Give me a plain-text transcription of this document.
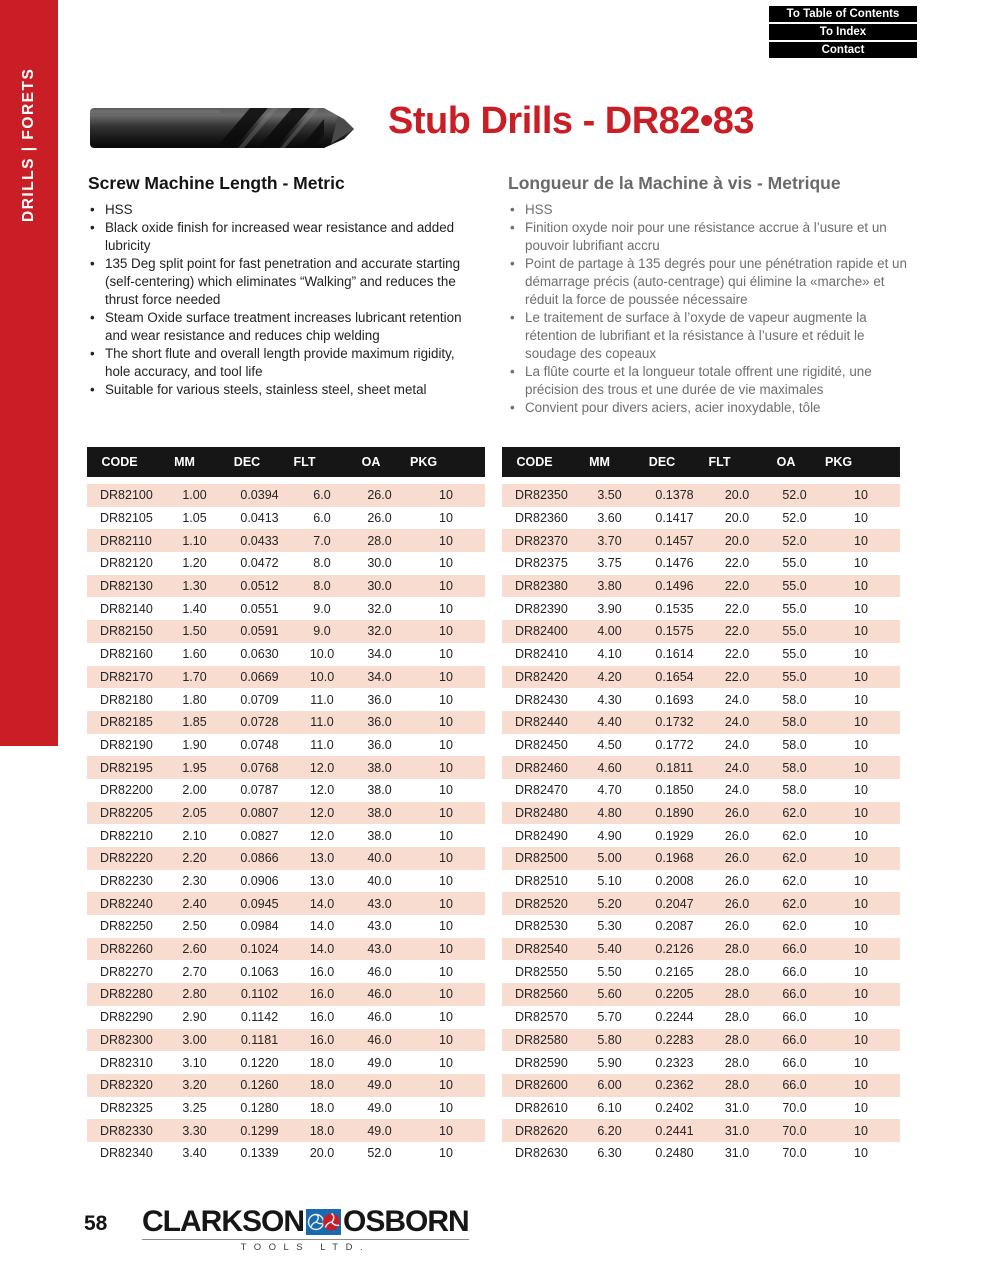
DRILLS | FORETS
To Table of Contents
To Index
Contact
Stub Drills - DR82•83
Screw Machine Length - Metric	Longueur de la Machine à vis - Metrique
• HSS
• Black oxide finish for increased wear resistance and added lubricity
• 135 Deg split point for fast penetration and accurate starting (self-centering) which eliminates “Walking” and reduces the thrust force needed
• Steam Oxide surface treatment increases lubricant retention and wear resistance and reduces chip welding
• The short flute and overall length provide maximum rigidity, hole accuracy, and tool life
• Suitable for various steels, stainless steel, sheet metal
• HSS
• Finition oxyde noir pour une résistance accrue à l’usure et un pouvoir lubrifiant accru
• Point de partage à 135 degrés pour une pénétration rapide et un démarrage précis (auto-centrage) qui élimine la «marche» et réduit la force de poussée nécessaire
• Le traitement de surface à l’oxyde de vapeur augmente la rétention de lubrifiant et la résistance à l’usure et réduit le soudage des copeaux
• La flûte courte et la longueur totale offrent une rigidité, une précision des trous et une durée de vie maximales
• Convient pour divers aciers, acier inoxydable, tôle
CODE	MM	DEC	FLT	OA	PKG
DR82100	1.00	0.0394	6.0	26.0	10
DR82105	1.05	0.0413	6.0	26.0	10
DR82110	1.10	0.0433	7.0	28.0	10
DR82120	1.20	0.0472	8.0	30.0	10
DR82130	1.30	0.0512	8.0	30.0	10
DR82140	1.40	0.0551	9.0	32.0	10
DR82150	1.50	0.0591	9.0	32.0	10
DR82160	1.60	0.0630	10.0	34.0	10
DR82170	1.70	0.0669	10.0	34.0	10
DR82180	1.80	0.0709	11.0	36.0	10
DR82185	1.85	0.0728	11.0	36.0	10
DR82190	1.90	0.0748	11.0	36.0	10
DR82195	1.95	0.0768	12.0	38.0	10
DR82200	2.00	0.0787	12.0	38.0	10
DR82205	2.05	0.0807	12.0	38.0	10
DR82210	2.10	0.0827	12.0	38.0	10
DR82220	2.20	0.0866	13.0	40.0	10
DR82230	2.30	0.0906	13.0	40.0	10
DR82240	2.40	0.0945	14.0	43.0	10
DR82250	2.50	0.0984	14.0	43.0	10
DR82260	2.60	0.1024	14.0	43.0	10
DR82270	2.70	0.1063	16.0	46.0	10
DR82280	2.80	0.1102	16.0	46.0	10
DR82290	2.90	0.1142	16.0	46.0	10
DR82300	3.00	0.1181	16.0	46.0	10
DR82310	3.10	0.1220	18.0	49.0	10
DR82320	3.20	0.1260	18.0	49.0	10
DR82325	3.25	0.1280	18.0	49.0	10
DR82330	3.30	0.1299	18.0	49.0	10
DR82340	3.40	0.1339	20.0	52.0	10
CODE	MM	DEC	FLT	OA	PKG
DR82350	3.50	0.1378	20.0	52.0	10
DR82360	3.60	0.1417	20.0	52.0	10
DR82370	3.70	0.1457	20.0	52.0	10
DR82375	3.75	0.1476	22.0	55.0	10
DR82380	3.80	0.1496	22.0	55.0	10
DR82390	3.90	0.1535	22.0	55.0	10
DR82400	4.00	0.1575	22.0	55.0	10
DR82410	4.10	0.1614	22.0	55.0	10
DR82420	4.20	0.1654	22.0	55.0	10
DR82430	4.30	0.1693	24.0	58.0	10
DR82440	4.40	0.1732	24.0	58.0	10
DR82450	4.50	0.1772	24.0	58.0	10
DR82460	4.60	0.1811	24.0	58.0	10
DR82470	4.70	0.1850	24.0	58.0	10
DR82480	4.80	0.1890	26.0	62.0	10
DR82490	4.90	0.1929	26.0	62.0	10
DR82500	5.00	0.1968	26.0	62.0	10
DR82510	5.10	0.2008	26.0	62.0	10
DR82520	5.20	0.2047	26.0	62.0	10
DR82530	5.30	0.2087	26.0	62.0	10
DR82540	5.40	0.2126	28.0	66.0	10
DR82550	5.50	0.2165	28.0	66.0	10
DR82560	5.60	0.2205	28.0	66.0	10
DR82570	5.70	0.2244	28.0	66.0	10
DR82580	5.80	0.2283	28.0	66.0	10
DR82590	5.90	0.2323	28.0	66.0	10
DR82600	6.00	0.2362	28.0	66.0	10
DR82610	6.10	0.2402	31.0	70.0	10
DR82620	6.20	0.2441	31.0	70.0	10
DR82630	6.30	0.2480	31.0	70.0	10
58 CLARKSON OSBORN
TOOLS LTD.
